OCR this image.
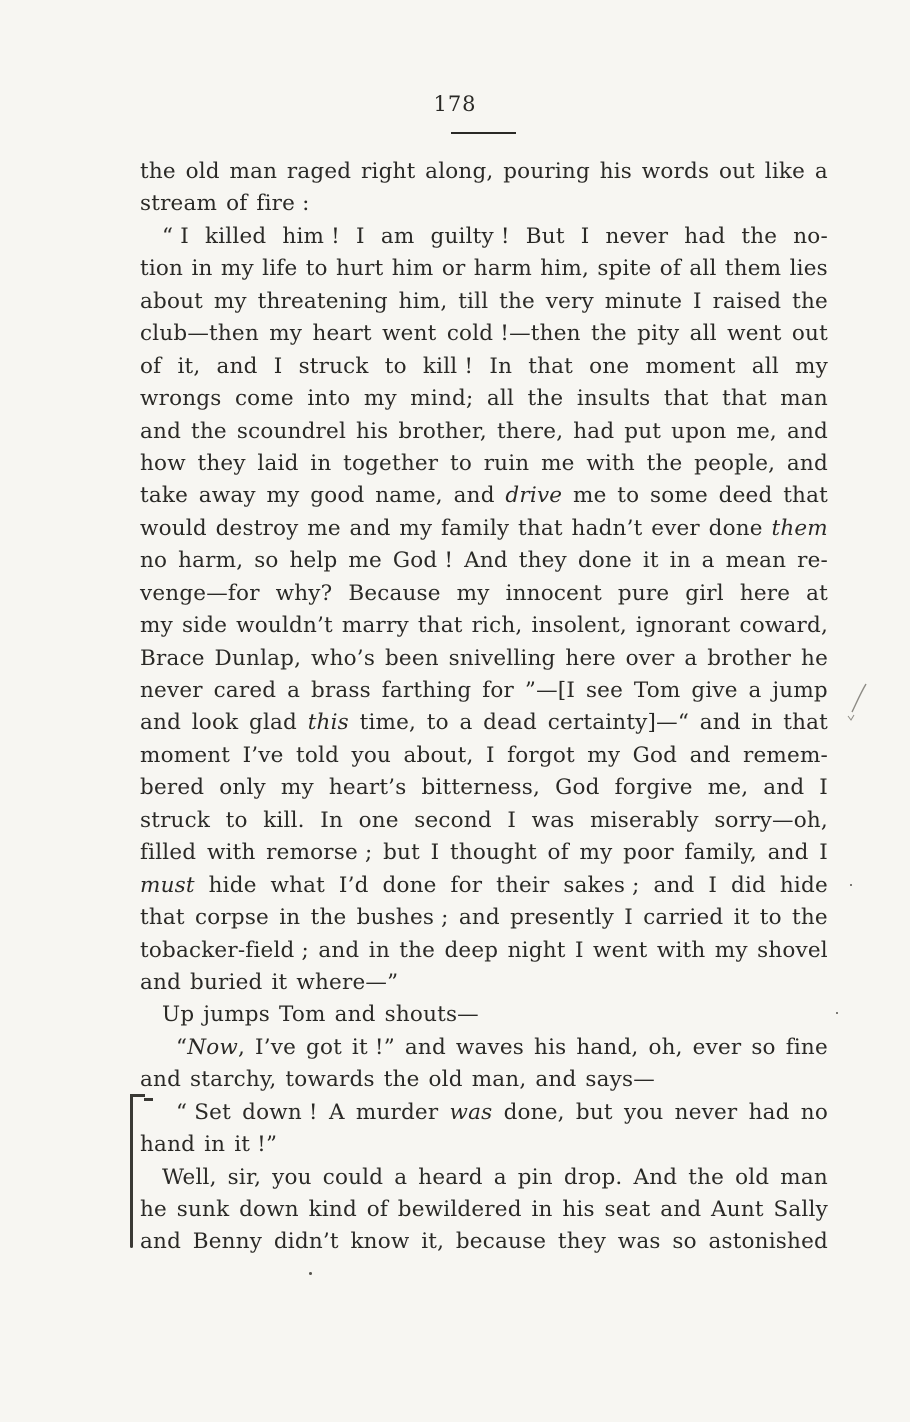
178
the old man raged right along, pouring his words out like a
stream of fire :
“ I killed him ! I am guilty ! But I never had the no-
tion in my life to hurt him or harm him, spite of all them lies
about my threatening him, till the very minute I raised the
club—then my heart went cold !—then the pity all went out
of it, and I struck to kill ! In that one moment all my
wrongs come into my mind; all the insults that that man
and the scoundrel his brother, there, had put upon me, and
how they laid in together to ruin me with the people, and
take away my good name, and drive me to some deed that
would destroy me and my family that hadn’t ever done them
no harm, so help me God ! And they done it in a mean re-
venge—for why? Because my innocent pure girl here at
my side wouldn’t marry that rich, insolent, ignorant coward,
Brace Dunlap, who’s been snivelling here over a brother he
never cared a brass farthing for ”—[I see Tom give a jump
and look glad this time, to a dead certainty]—“ and in that
moment I’ve told you about, I forgot my God and remem-
bered only my heart’s bitterness, God forgive me, and I
struck to kill. In one second I was miserably sorry—oh,
filled with remorse ; but I thought of my poor family, and I
must hide what I’d done for their sakes ; and I did hide
that corpse in the bushes ; and presently I carried it to the
tobacker-field ; and in the deep night I went with my shovel
and buried it where—”
Up jumps Tom and shouts—
“Now, I’ve got it !” and waves his hand, oh, ever so fine
and starchy, towards the old man, and says—
“ Set down ! A murder was done, but you never had no
hand in it !”
Well, sir, you could a heard a pin drop. And the old man
he sunk down kind of bewildered in his seat and Aunt Sally
and Benny didn’t know it, because they was so astonished
